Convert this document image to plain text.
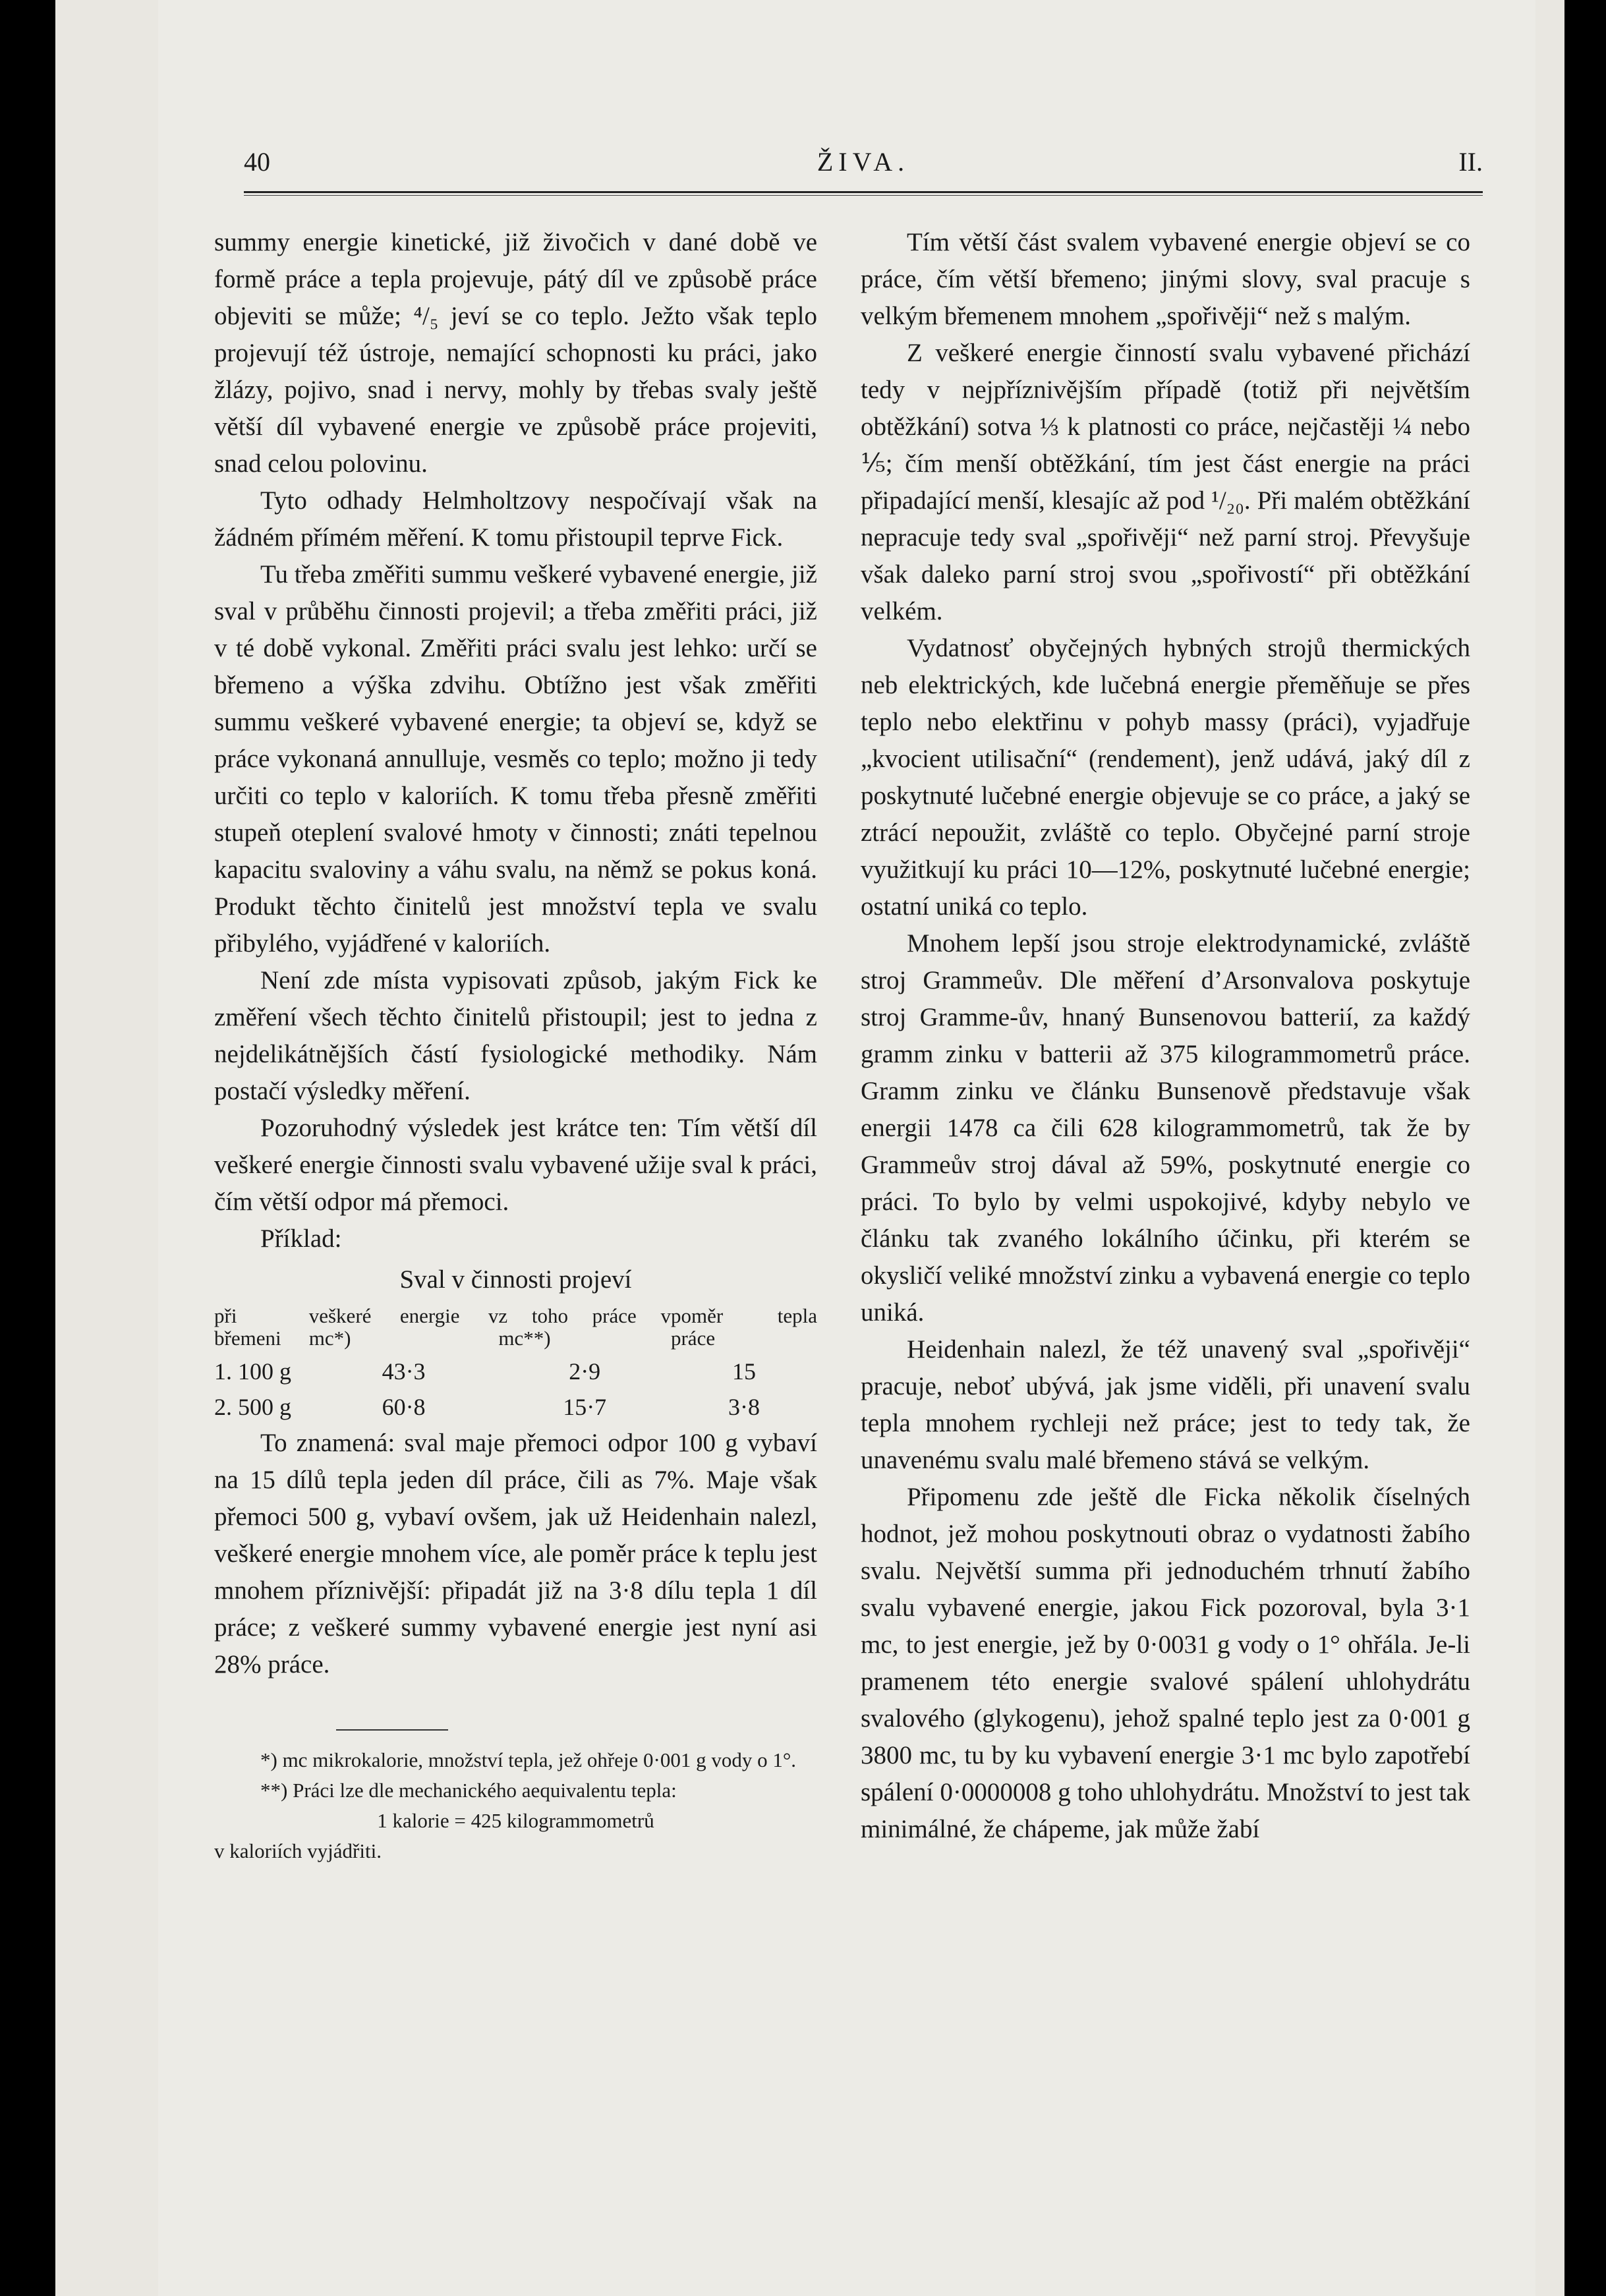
40	ŽIVA.	II.

summy energie kinetické, již živočich v dané době ve formě práce a tepla projevuje, pátý díl ve způsobě práce objeviti se může; ⁴/₅ jeví se co teplo. Ježto však teplo projevují též ústroje, nemající schopnosti ku práci, jako žlázy, pojivo, snad i nervy, mohly by třebas svaly ještě větší díl vybavené energie ve způsobě práce projeviti, snad celou polovinu.

Tyto odhady Helmholtzovy nespočívají však na žádném přímém měření. K tomu přistoupil teprve Fick.

Tu třeba změřiti summu veškeré vybavené energie, již sval v průběhu činnosti projevil; a třeba změřiti práci, již v té době vykonal. Změřiti práci svalu jest lehko: určí se břemeno a výška zdvihu. Obtížno jest však změřiti summu veškeré vybavené energie; ta objeví se, když se práce vykonaná annulluje, vesměs co teplo; možno ji tedy určiti co teplo v kaloriích. K tomu třeba přesně změřiti stupeň oteplení svalové hmoty v činnosti; znáti tepelnou kapacitu svaloviny a váhu svalu, na němž se pokus koná. Produkt těchto činitelů jest množství tepla ve svalu přibylého, vyjádřené v kaloriích.

Není zde místa vypisovati způsob, jakým Fick ke změření všech těchto činitelů přistoupil; jest to jedna z nejdelikátnějších částí fysiologické methodiky. Nám postačí výsledky měření.

Pozoruhodný výsledek jest krátce ten: Tím větší díl veškeré energie činnosti svalu vybavené užije sval k práci, čím větší odpor má přemoci.

Příklad:

Sval v činnosti projeví
při břemeni	veškeré energie v mc*)	z toho práce v mc**)	poměr tepla práce
1. 100 g	43·3	2·9	15
2. 500 g	60·8	15·7	3·8

To znamená: sval maje přemoci odpor 100 g vybaví na 15 dílů tepla jeden díl práce, čili as 7%. Maje však přemoci 500 g, vybaví ovšem, jak už Heidenhain nalezl, veškeré energie mnohem více, ale poměr práce k teplu jest mnohem příznivější: připadát již na 3·8 dílu tepla 1 díl práce; z veškeré summy vybavené energie jest nyní asi 28% práce.

*) mc mikrokalorie, množství tepla, jež ohřeje 0·001 g vody o 1°.

**) Práci lze dle mechanického aequivalentu tepla:

1 kalorie = 425 kilogrammometrů

v kaloriích vyjádřiti.

Tím větší část svalem vybavené energie objeví se co práce, čím větší břemeno; jinými slovy, sval pracuje s velkým břemenem mnohem „spořivěji“ než s malým.

Z veškeré energie činností svalu vybavené přichází tedy v nejpříznivějším případě (totiž při největším obtěžkání) sotva ⅓ k platnosti co práce, nejčastěji ¼ nebo ⅕; čím menší obtěžkání, tím jest část energie na práci připadající menší, klesajíc až pod ¹/₂₀. Při malém obtěžkání nepracuje tedy sval „spořivěji“ než parní stroj. Převyšuje však daleko parní stroj svou „spořivostí“ při obtěžkání velkém.

Vydatnosť obyčejných hybných strojů thermických neb elektrických, kde lučebná energie přeměňuje se přes teplo nebo elektřinu v pohyb massy (práci), vyjadřuje „kvocient utilisační“ (rendement), jenž udává, jaký díl z poskytnuté lučebné energie objevuje se co práce, a jaký se ztrácí nepoužit, zvláště co teplo. Obyčejné parní stroje využitkují ku práci 10—12%, poskytnuté lučebné energie; ostatní uniká co teplo.

Mnohem lepší jsou stroje elektrodynamické, zvláště stroj Grammeův. Dle měření d’Arsonvalova poskytuje stroj Gramme-ův, hnaný Bunsenovou batterií, za každý gramm zinku v batterii až 375 kilogrammometrů práce. Gramm zinku ve článku Bunsenově představuje však energii 1478 ca čili 628 kilogrammometrů, tak že by Grammeův stroj dával až 59%, poskytnuté energie co práci. To bylo by velmi uspokojivé, kdyby nebylo ve článku tak zvaného lokálního účinku, při kterém se okysličí veliké množství zinku a vybavená energie co teplo uniká.

Heidenhain nalezl, že též unavený sval „spořivěji“ pracuje, neboť ubývá, jak jsme viděli, při unavení svalu tepla mnohem rychleji než práce; jest to tedy tak, že unavenému svalu malé břemeno stává se velkým.

Připomenu zde ještě dle Ficka několik číselných hodnot, jež mohou poskytnouti obraz o vydatnosti žabího svalu. Největší summa při jednoduchém trhnutí žabího svalu vybavené energie, jakou Fick pozoroval, byla 3·1 mc, to jest energie, jež by 0·0031 g vody o 1° ohřála. Je-li pramenem této energie svalové spálení uhlohydrátu svalového (glykogenu), jehož spalné teplo jest za 0·001 g 3800 mc, tu by ku vybavení energie 3·1 mc bylo zapotřebí spálení 0·0000008 g toho uhlohydrátu. Množství to jest tak minimálné, že chápeme, jak může žabí
